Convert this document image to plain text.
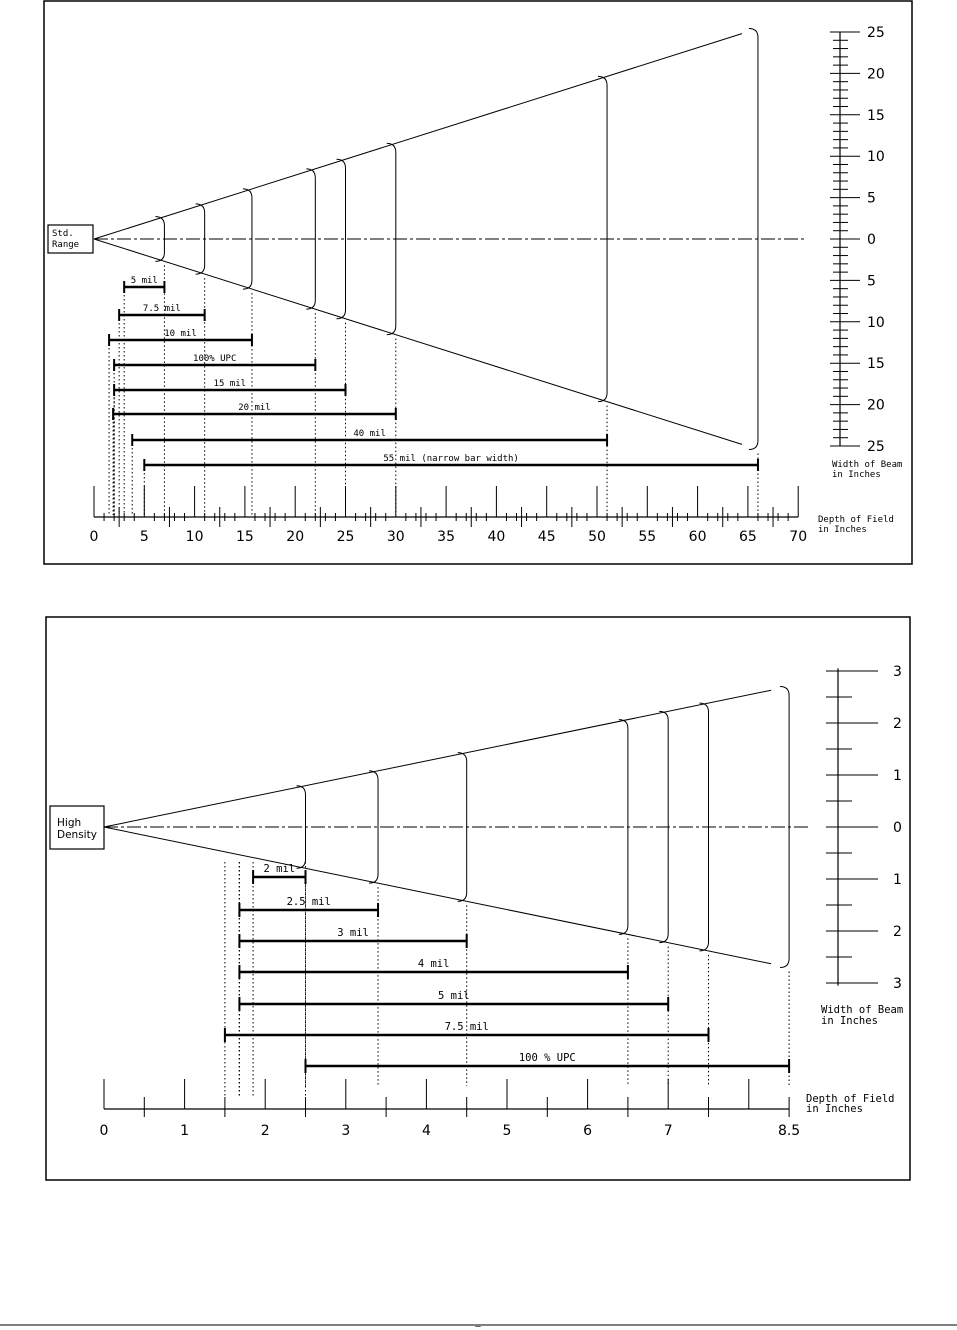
Std.
Range
5 mil
7.5 mil
10 mil
100% UPC
15 mil
20 mil
40 mil
55 mil (narrow bar width)
0	5	10 15 20 25 30 35 40 45 50 55 60 65 70
Depth of Field
in Inches
25
20
15
10
5
0
5
10
15
20
25
Width of Beam
in Inches
High
Density
2 mil
2.5 mil
3 mil
4 mil
5 mil
7.5 mil
100 % UPC
0	1	2	3	4	5	6	7	8.5
Depth of Field
in Inches
3
2
1
0
1
2
3
Width of Beam
in Inches
–
